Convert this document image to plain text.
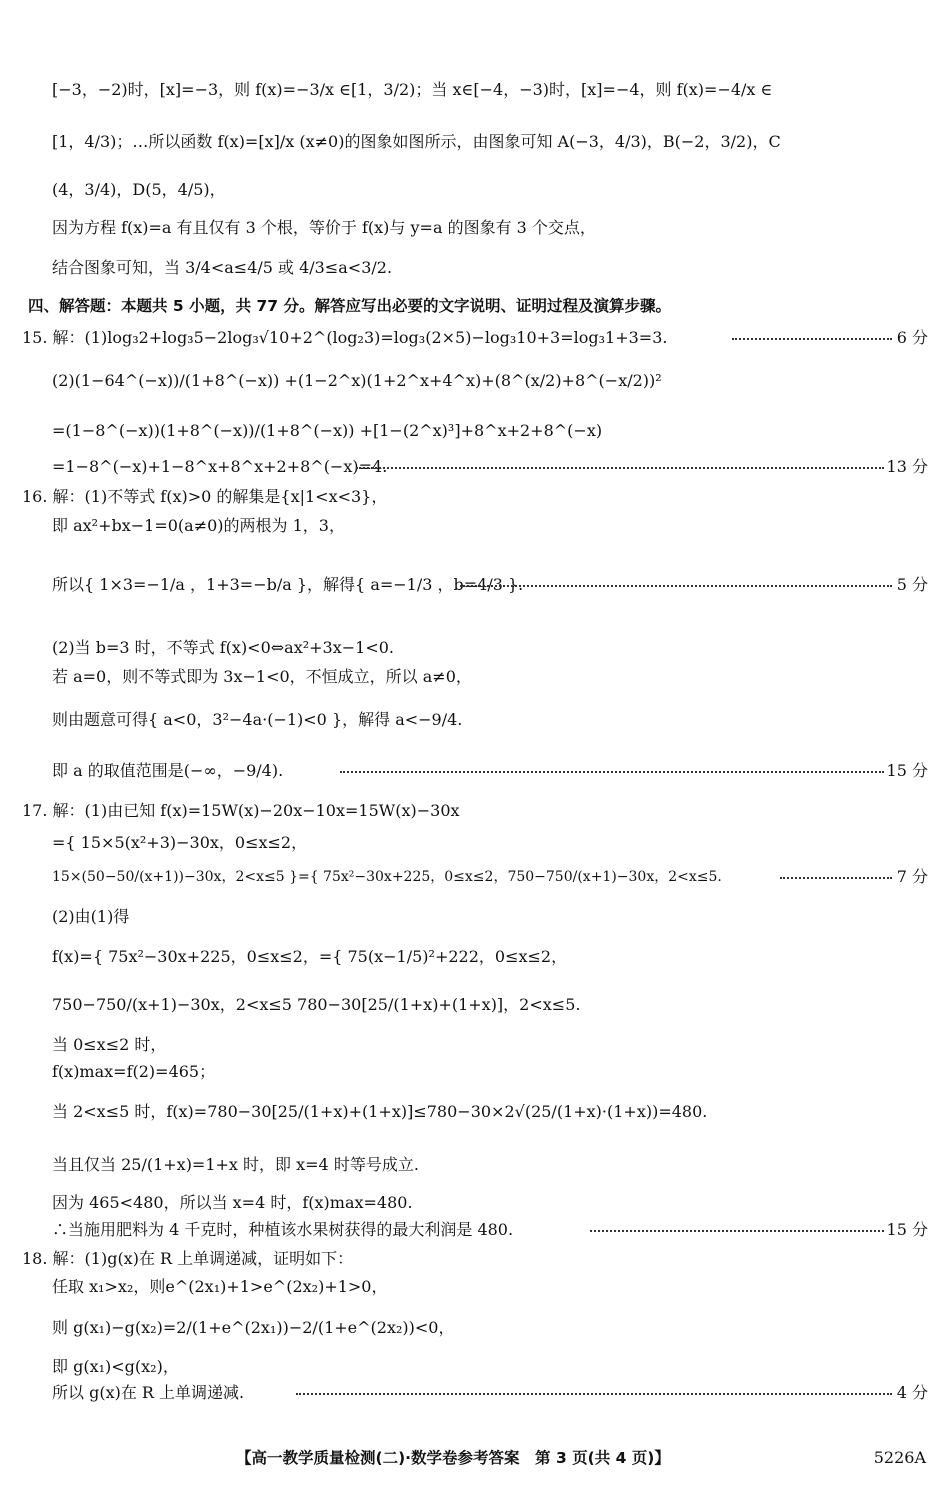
[−3，−2)时，[x]=−3，则 f(x)=−3/x ∈[1，3/2)；当 x∈[−4，−3)时，[x]=−4，则 f(x)=−4/x ∈
[1，4/3)；…所以函数 f(x)=[x]/x (x≠0)的图象如图所示，由图象可知 A(−3，4/3)，B(−2，3/2)，C
(4，3/4)，D(5，4/5)，
因为方程 f(x)=a 有且仅有 3 个根，等价于 f(x)与 y=a 的图象有 3 个交点，
结合图象可知，当 3/4<a≤4/5 或 4/3≤a<3/2.
四、解答题：本题共 5 小题，共 77 分。解答应写出必要的文字说明、证明过程及演算步骤。
15. 解：(1)log₃2+log₃5−2log₃√10+2^(log₂3)=log₃(2×5)−log₃10+3=log₃1+3=3.	6 分
(2)(1−64^(−x))/(1+8^(−x)) +(1−2^x)(1+2^x+4^x)+(8^(x/2)+8^(−x/2))²
=(1−8^(−x))(1+8^(−x))/(1+8^(−x)) +[1−(2^x)³]+8^x+2+8^(−x)
=1−8^(−x)+1−8^x+8^x+2+8^(−x)=4.	13 分
16. 解：(1)不等式 f(x)>0 的解集是{x|1<x<3}，
即 ax²+bx−1=0(a≠0)的两根为 1，3，
所以{ 1×3=−1/a ，1+3=−b/a }，解得{ a=−1/3 ，b=4/3 }.	5 分
(2)当 b=3 时，不等式 f(x)<0⇔ax²+3x−1<0.
若 a=0，则不等式即为 3x−1<0，不恒成立，所以 a≠0，
则由题意可得{ a<0，3²−4a·(−1)<0 }，解得 a<−9/4.
即 a 的取值范围是(−∞，−9/4).	15 分
17. 解：(1)由已知 f(x)=15W(x)−20x−10x=15W(x)−30x
={ 15×5(x²+3)−30x，0≤x≤2，
15×(50−50/(x+1))−30x，2<x≤5 }={ 75x²−30x+225，0≤x≤2，750−750/(x+1)−30x，2<x≤5.	7 分
(2)由(1)得
f(x)={ 75x²−30x+225，0≤x≤2，={ 75(x−1/5)²+222，0≤x≤2，
750−750/(x+1)−30x，2<x≤5 780−30[25/(1+x)+(1+x)]，2<x≤5.
当 0≤x≤2 时，
f(x)max=f(2)=465；
当 2<x≤5 时，f(x)=780−30[25/(1+x)+(1+x)]≤780−30×2√(25/(1+x)·(1+x))=480.
当且仅当 25/(1+x)=1+x 时，即 x=4 时等号成立.
因为 465<480，所以当 x=4 时，f(x)max=480.
∴当施用肥料为 4 千克时，种植该水果树获得的最大利润是 480.	15 分
18. 解：(1)g(x)在 R 上单调递减，证明如下：
任取 x₁>x₂，则e^(2x₁)+1>e^(2x₂)+1>0，
则 g(x₁)−g(x₂)=2/(1+e^(2x₁))−2/(1+e^(2x₂))<0，
即 g(x₁)<g(x₂)，
所以 g(x)在 R 上单调递减.	4 分
【高一教学质量检测(二)·数学卷参考答案　第 3 页(共 4 页)】	5226A
